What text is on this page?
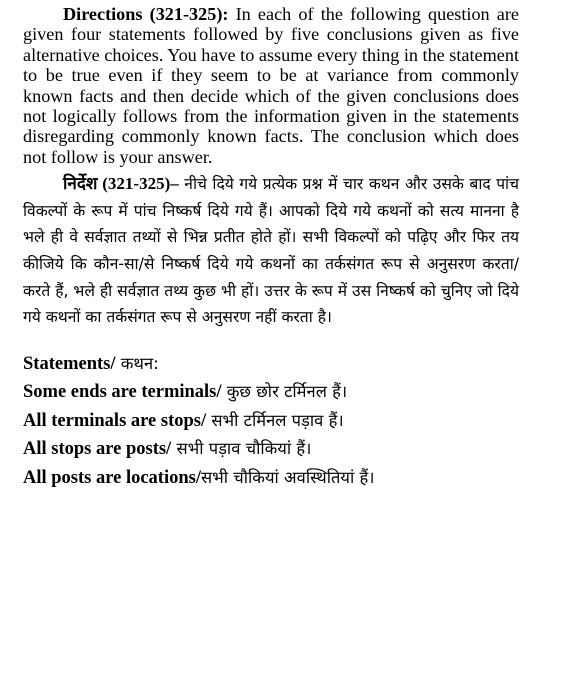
Directions (321-325): In each of the following question are given four statements followed by five conclusions given as five alternative choices. You have to assume every thing in the statement to be true even if they seem to be at variance from commonly known facts and then decide which of the given conclusions does not logically follows from the information given in the statements disregarding commonly known facts. The conclusion which does not follow is your answer.

निर्देश (321-325)– नीचे दिये गये प्रत्येक प्रश्न में चार कथन और उसके बाद पांच विकल्पों के रूप में पांच निष्कर्ष दिये गये हैं। आपको दिये गये कथनों को सत्य मानना है भले ही वे सर्वज्ञात तथ्यों से भिन्न प्रतीत होते हों। सभी विकल्पों को पढ़िए और फिर तय कीजिये कि कौन-सा/से निष्कर्ष दिये गये कथनों का तर्कसंगत रूप से अनुसरण करता/करते हैं, भले ही सर्वज्ञात तथ्य कुछ भी हों। उत्तर के रूप में उस निष्कर्ष को चुनिए जो दिये गये कथनों का तर्कसंगत रूप से अनुसरण नहीं करता है।

Statements/ कथन:

Some ends are terminals/ कुछ छोर टर्मिनल हैं।

All terminals are stops/ सभी टर्मिनल पड़ाव हैं।

All stops are posts/ सभी पड़ाव चौकियां हैं।

All posts are locations/सभी चौकियां अवस्थितियां हैं।
